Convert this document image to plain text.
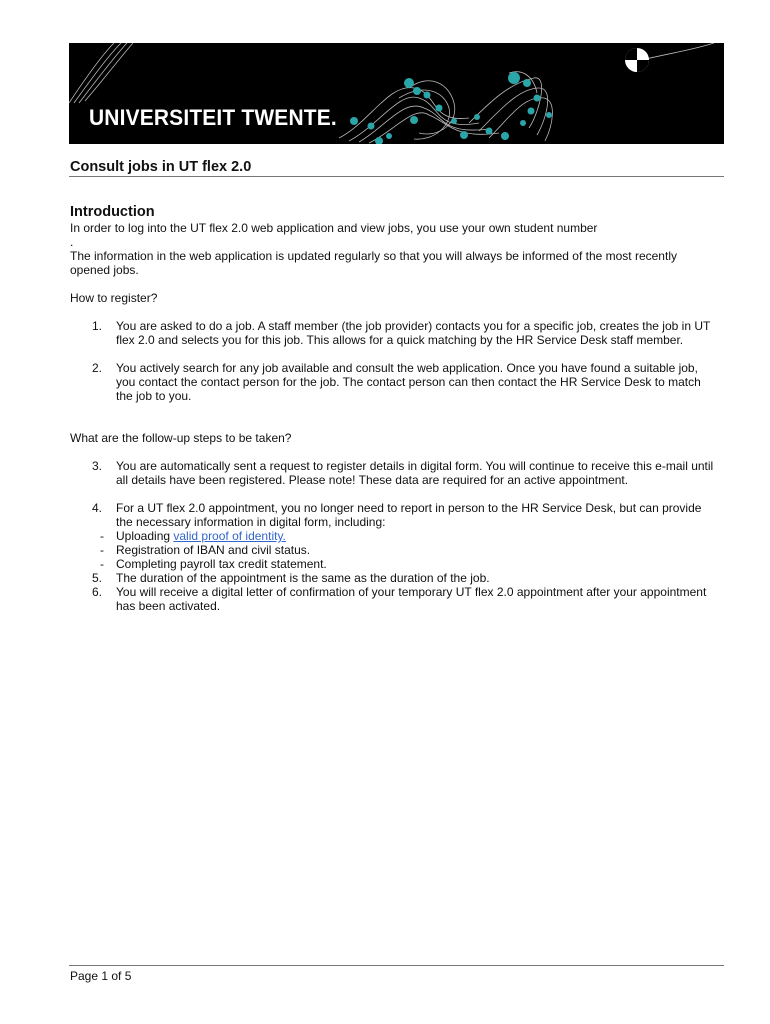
UNIVERSITEIT TWENTE.
Consult jobs in UT flex 2.0
Introduction

In order to log into the UT flex 2.0 web application and view jobs, you use your own student number

.

The information in the web application is updated regularly so that you will always be informed of the most recently opened jobs.

How to register?

1. You are asked to do a job. A staff member (the job provider) contacts you for a specific job, creates the job in UT flex 2.0 and selects you for this job. This allows for a quick matching by the HR Service Desk staff member.

2. You actively search for any job available and consult the web application. Once you have found a suitable job, you contact the contact person for the job. The contact person can then contact the HR Service Desk to match the job to you.

What are the follow-up steps to be taken?

3. You are automatically sent a request to register details in digital form. You will continue to receive this e-mail until all details have been registered. Please note! These data are required for an active appointment.

4. For a UT flex 2.0 appointment, you no longer need to report in person to the HR Service Desk, but can provide the necessary information in digital form, including:

- Uploading valid proof of identity.

- Registration of IBAN and civil status.

- Completing payroll tax credit statement.

5. The duration of the appointment is the same as the duration of the job.

6. You will receive a digital letter of confirmation of your temporary UT flex 2.0 appointment after your appointment has been activated.

Page 1 of 5
